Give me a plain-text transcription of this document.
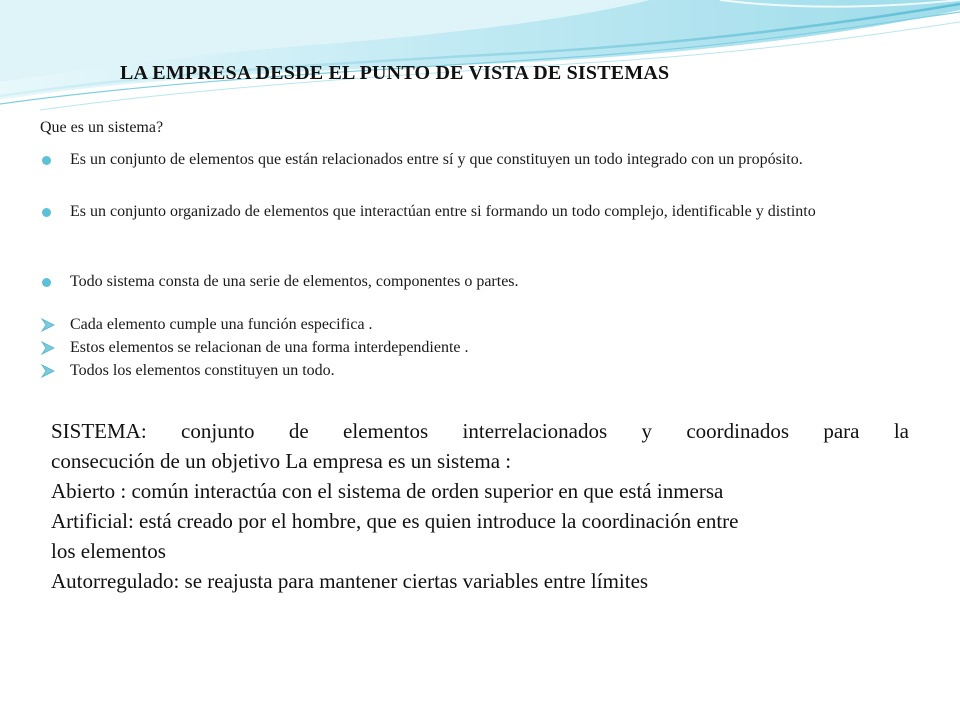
LA EMPRESA DESDE EL PUNTO DE VISTA DE SISTEMAS

Que es un sistema?

Es un conjunto de elementos que están relacionados entre sí y que constituyen un todo integrado con un propósito.
Es un conjunto organizado de elementos que interactúan entre si formando un todo complejo, identificable y distinto
Todo sistema consta de una serie de elementos, componentes o partes.
Cada elemento cumple una función especifica .
Estos elementos se relacionan de una forma interdependiente .
Todos los elementos constituyen un todo.
SISTEMA: conjunto de elementos interrelacionados y coordinados para la
consecución de un objetivo La empresa es un sistema :
Abierto : común interactúa con el sistema de orden superior en que está inmersa
Artificial: está creado por el hombre, que es quien introduce la coordinación entre
los elementos
Autorregulado: se reajusta para mantener ciertas variables entre límites
